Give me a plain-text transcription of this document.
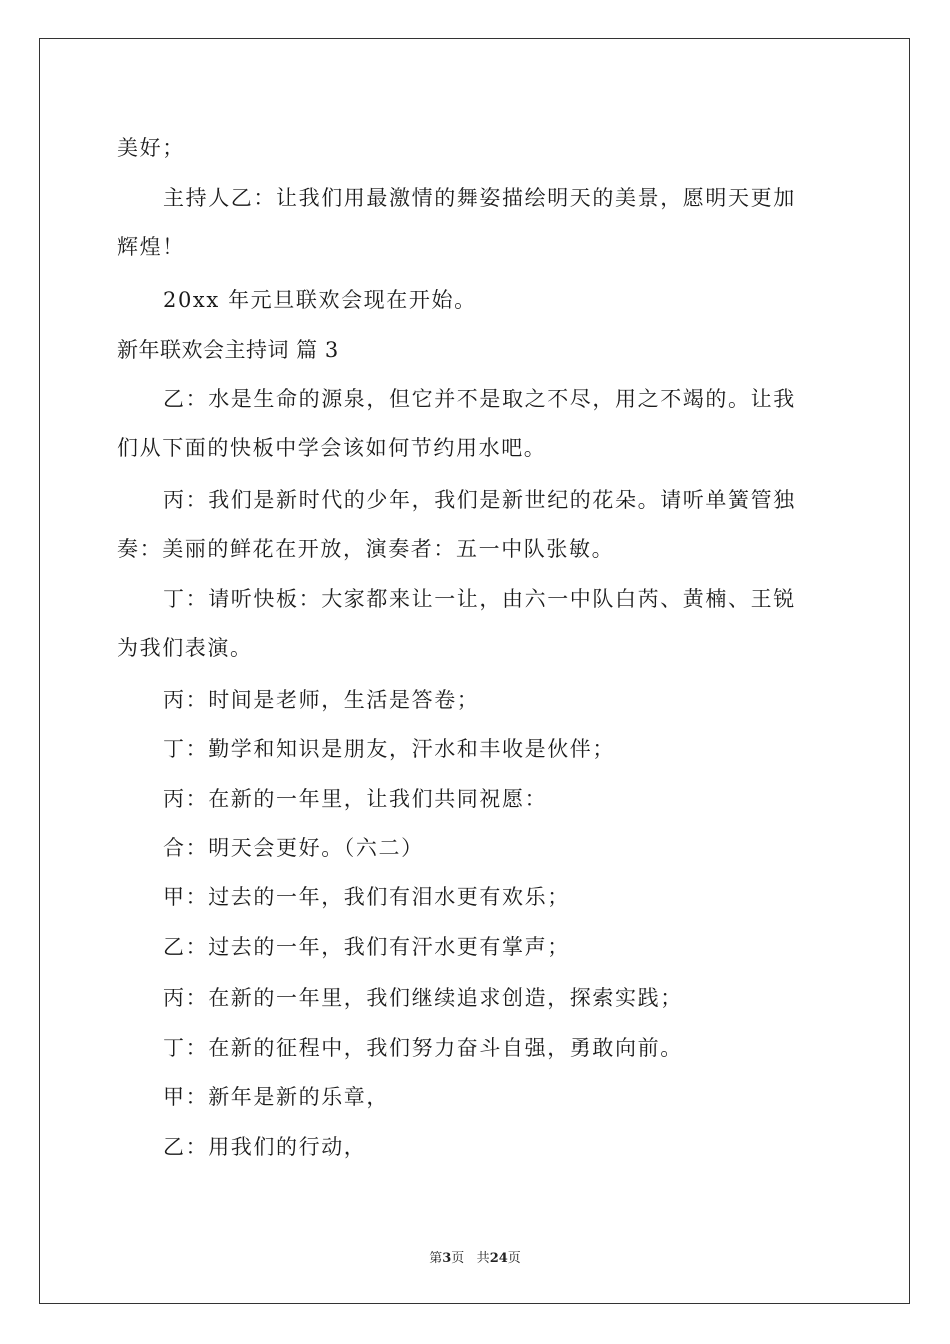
美好；
主持人乙：让我们用最激情的舞姿描绘明天的美景，愿明天更加
辉煌！
20xx 年元旦联欢会现在开始。
新年联欢会主持词 篇 3
乙：水是生命的源泉，但它并不是取之不尽，用之不竭的。让我
们从下面的快板中学会该如何节约用水吧。
丙：我们是新时代的少年，我们是新世纪的花朵。请听单簧管独
奏：美丽的鲜花在开放，演奏者：五一中队张敏。
丁：请听快板：大家都来让一让，由六一中队白芮、黄楠、王锐
为我们表演。
丙：时间是老师，生活是答卷；
丁：勤学和知识是朋友，汗水和丰收是伙伴；
丙：在新的一年里，让我们共同祝愿：
合：明天会更好。（六二）
甲：过去的一年，我们有泪水更有欢乐；
乙：过去的一年，我们有汗水更有掌声；
丙：在新的一年里，我们继续追求创造，探索实践；
丁：在新的征程中，我们努力奋斗自强，勇敢向前。
甲：新年是新的乐章，
乙：用我们的行动，
第3页 共24页
